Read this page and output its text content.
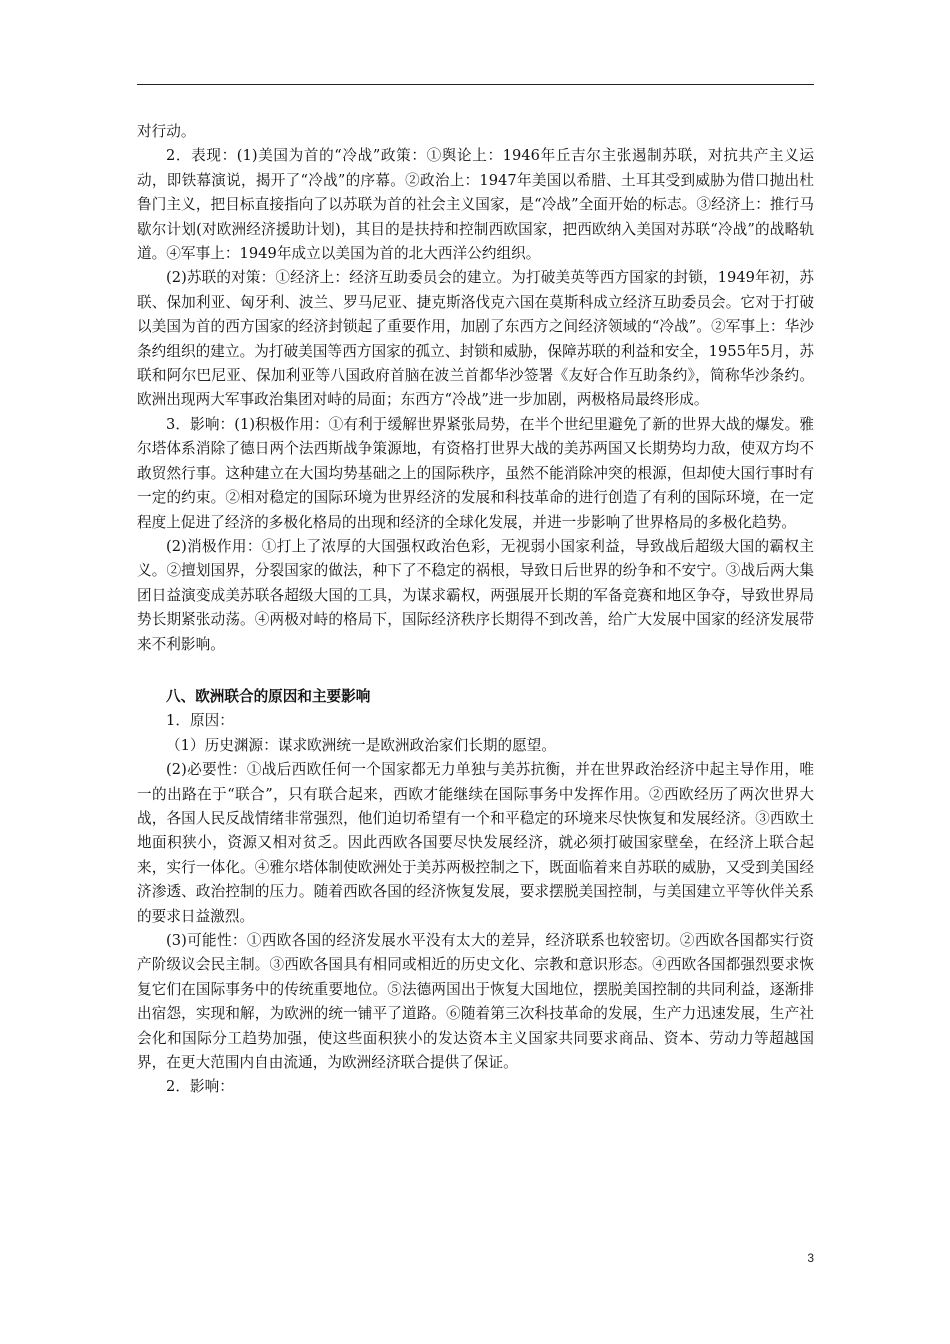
对行动。

2．表现：(1)美国为首的“冷战”政策：①舆论上：1946年丘吉尔主张遏制苏联，对抗共产主义运动，即铁幕演说，揭开了“冷战”的序幕。②政治上：1947年美国以希腊、土耳其受到威胁为借口抛出杜鲁门主义，把目标直接指向了以苏联为首的社会主义国家，是“冷战”全面开始的标志。③经济上：推行马歇尔计划(对欧洲经济援助计划)，其目的是扶持和控制西欧国家，把西欧纳入美国对苏联“冷战”的战略轨道。④军事上：1949年成立以美国为首的北大西洋公约组织。

(2)苏联的对策：①经济上：经济互助委员会的建立。为打破美英等西方国家的封锁，1949年初，苏联、保加利亚、匈牙利、波兰、罗马尼亚、捷克斯洛伐克六国在莫斯科成立经济互助委员会。它对于打破以美国为首的西方国家的经济封锁起了重要作用，加剧了东西方之间经济领域的“冷战”。②军事上：华沙条约组织的建立。为打破美国等西方国家的孤立、封锁和威胁，保障苏联的利益和安全，1955年5月，苏联和阿尔巴尼亚、保加利亚等八国政府首脑在波兰首都华沙签署《友好合作互助条约》，简称华沙条约。欧洲出现两大军事政治集团对峙的局面；东西方“冷战”进一步加剧，两极格局最终形成。

3．影响：(1)积极作用：①有利于缓解世界紧张局势，在半个世纪里避免了新的世界大战的爆发。雅尔塔体系消除了德日两个法西斯战争策源地，有资格打世界大战的美苏两国又长期势均力敌，使双方均不敢贸然行事。这种建立在大国均势基础之上的国际秩序，虽然不能消除冲突的根源，但却使大国行事时有一定的约束。②相对稳定的国际环境为世界经济的发展和科技革命的进行创造了有利的国际环境，在一定程度上促进了经济的多极化格局的出现和经济的全球化发展，并进一步影响了世界格局的多极化趋势。

(2)消极作用：①打上了浓厚的大国强权政治色彩，无视弱小国家利益，导致战后超级大国的霸权主义。②擅划国界，分裂国家的做法，种下了不稳定的祸根，导致日后世界的纷争和不安宁。③战后两大集团日益演变成美苏联各超级大国的工具，为谋求霸权，两强展开长期的军备竞赛和地区争夺，导致世界局势长期紧张动荡。④两极对峙的格局下，国际经济秩序长期得不到改善，给广大发展中国家的经济发展带来不利影响。

八、欧洲联合的原因和主要影响

1．原因：

（1）历史渊源：谋求欧洲统一是欧洲政治家们长期的愿望。

(2)必要性：①战后西欧任何一个国家都无力单独与美苏抗衡，并在世界政治经济中起主导作用，唯一的出路在于“联合”，只有联合起来，西欧才能继续在国际事务中发挥作用。②西欧经历了两次世界大战，各国人民反战情绪非常强烈，他们迫切希望有一个和平稳定的环境来尽快恢复和发展经济。③西欧土地面积狭小，资源又相对贫乏。因此西欧各国要尽快发展经济，就必须打破国家壁垒，在经济上联合起来，实行一体化。④雅尔塔体制使欧洲处于美苏两极控制之下，既面临着来自苏联的威胁，又受到美国经济渗透、政治控制的压力。随着西欧各国的经济恢复发展，要求摆脱美国控制，与美国建立平等伙伴关系的要求日益激烈。

(3)可能性：①西欧各国的经济发展水平没有太大的差异，经济联系也较密切。②西欧各国都实行资产阶级议会民主制。③西欧各国具有相同或相近的历史文化、宗教和意识形态。④西欧各国都强烈要求恢复它们在国际事务中的传统重要地位。⑤法德两国出于恢复大国地位，摆脱美国控制的共同利益，逐渐排出宿怨，实现和解，为欧洲的统一铺平了道路。⑥随着第三次科技革命的发展，生产力迅速发展，生产社会化和国际分工趋势加强，使这些面积狭小的发达资本主义国家共同要求商品、资本、劳动力等超越国界，在更大范围内自由流通，为欧洲经济联合提供了保证。

2．影响：

3
